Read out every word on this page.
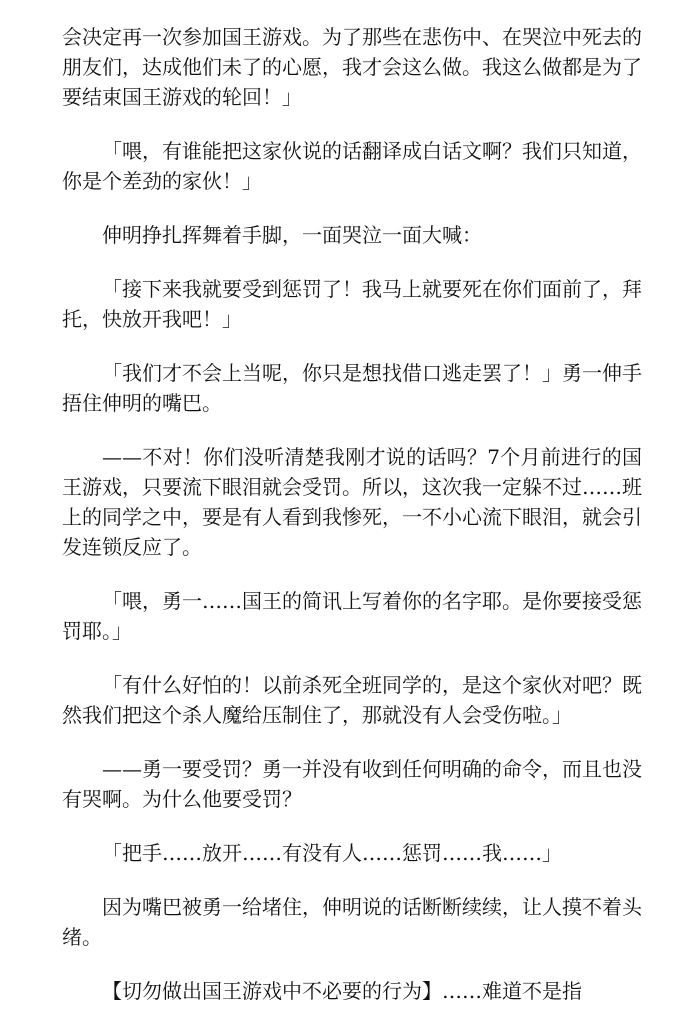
会决定再一次参加国王游戏。为了那些在悲伤中、在哭泣中死去的朋友们，达成他们未了的心愿，我才会这么做。我这么做都是为了要结束国王游戏的轮回！」

「喂，有谁能把这家伙说的话翻译成白话文啊？我们只知道，你是个差劲的家伙！」

伸明挣扎挥舞着手脚，一面哭泣一面大喊：

「接下来我就要受到惩罚了！我马上就要死在你们面前了，拜托，快放开我吧！」

「我们才不会上当呢，你只是想找借口逃走罢了！」勇一伸手捂住伸明的嘴巴。

——不对！你们没听清楚我刚才说的话吗？7个月前进行的国王游戏，只要流下眼泪就会受罚。所以，这次我一定躲不过……班上的同学之中，要是有人看到我惨死，一不小心流下眼泪，就会引发连锁反应了。

「喂，勇一……国王的简讯上写着你的名字耶。是你要接受惩罚耶。」

「有什么好怕的！以前杀死全班同学的，是这个家伙对吧？既然我们把这个杀人魔给压制住了，那就没有人会受伤啦。」

——勇一要受罚？勇一并没有收到任何明确的命令，而且也没有哭啊。为什么他要受罚？

「把手……放开……有没有人……惩罚……我……」

因为嘴巴被勇一给堵住，伸明说的话断断续续，让人摸不着头绪。

【切勿做出国王游戏中不必要的行为】……难道不是指
